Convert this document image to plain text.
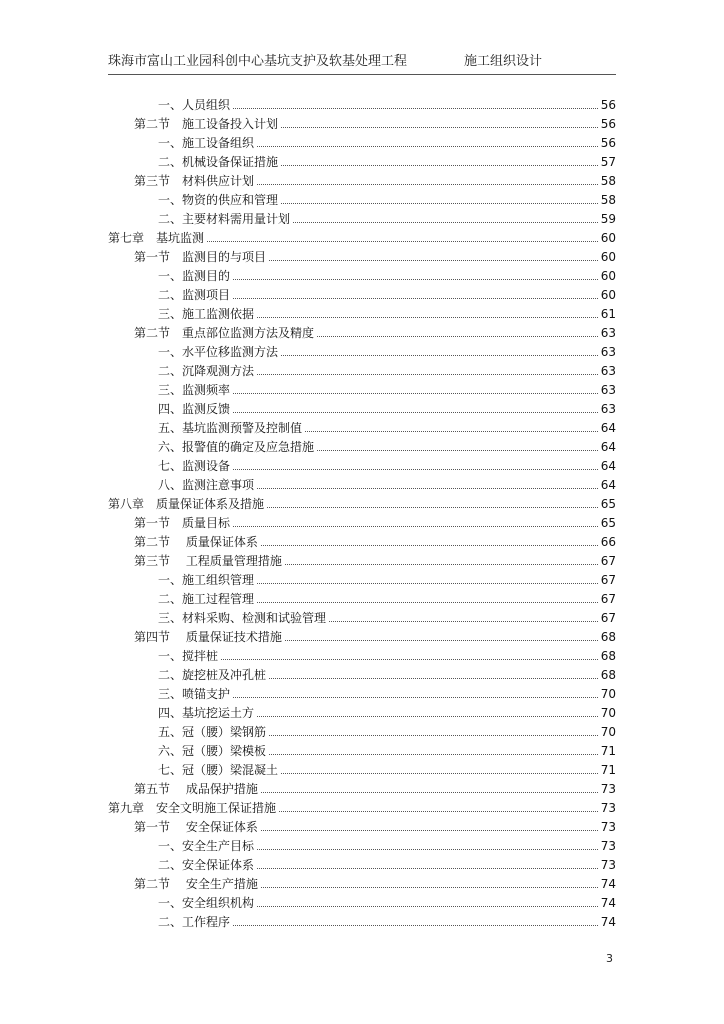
珠海市富山工业园科创中心基坑支护及软基处理工程	施工组织设计
一、人员组织	56
第二节　施工设备投入计划	56
一、施工设备组织	56
二、机械设备保证措施	57
第三节　材料供应计划	58
一、物资的供应和管理	58
二、主要材料需用量计划	59
第七章　基坑监测	60
第一节　监测目的与项目	60
一、监测目的	60
二、监测项目	60
三、施工监测依据	61
第二节　重点部位监测方法及精度	63
一、水平位移监测方法	63
二、沉降观测方法	63
三、监测频率	63
四、监测反馈	63
五、基坑监测预警及控制值	64
六、报警值的确定及应急措施	64
七、监测设备	64
八、监测注意事项	64
第八章　质量保证体系及措施	65
第一节　质量目标	65
第二节　 质量保证体系	66
第三节　 工程质量管理措施	67
一、施工组织管理	67
二、施工过程管理	67
三、材料采购、检测和试验管理	67
第四节　 质量保证技术措施	68
一、搅拌桩	68
二、旋挖桩及冲孔桩	68
三、喷锚支护	70
四、基坑挖运土方	70
五、冠（腰）梁钢筋	70
六、冠（腰）梁模板	71
七、冠（腰）梁混凝土	71
第五节　 成品保护措施	73
第九章　安全文明施工保证措施	73
第一节　 安全保证体系	73
一、安全生产目标	73
二、安全保证体系	73
第二节　 安全生产措施	74
一、安全组织机构	74
二、工作程序	74
3
